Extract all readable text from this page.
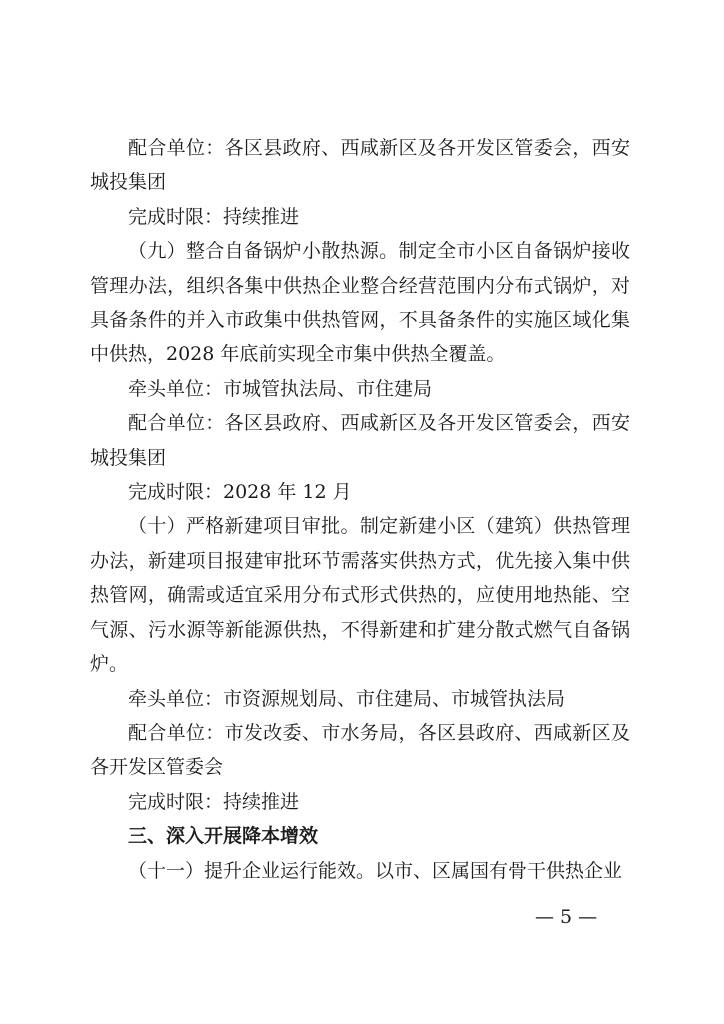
配合单位：各区县政府、西咸新区及各开发区管委会，西安城投集团

完成时限：持续推进

（九）整合自备锅炉小散热源。制定全市小区自备锅炉接收管理办法，组织各集中供热企业整合经营范围内分布式锅炉，对具备条件的并入市政集中供热管网，不具备条件的实施区域化集中供热，2028 年底前实现全市集中供热全覆盖。

牵头单位：市城管执法局、市住建局

配合单位：各区县政府、西咸新区及各开发区管委会，西安城投集团

完成时限：2028 年 12 月

（十）严格新建项目审批。制定新建小区（建筑）供热管理办法，新建项目报建审批环节需落实供热方式，优先接入集中供热管网，确需或适宜采用分布式形式供热的，应使用地热能、空气源、污水源等新能源供热，不得新建和扩建分散式燃气自备锅炉。

牵头单位：市资源规划局、市住建局、市城管执法局

配合单位：市发改委、市水务局，各区县政府、西咸新区及各开发区管委会

完成时限：持续推进

三、深入开展降本增效

（十一）提升企业运行能效。以市、区属国有骨干供热企业

— 5 —
